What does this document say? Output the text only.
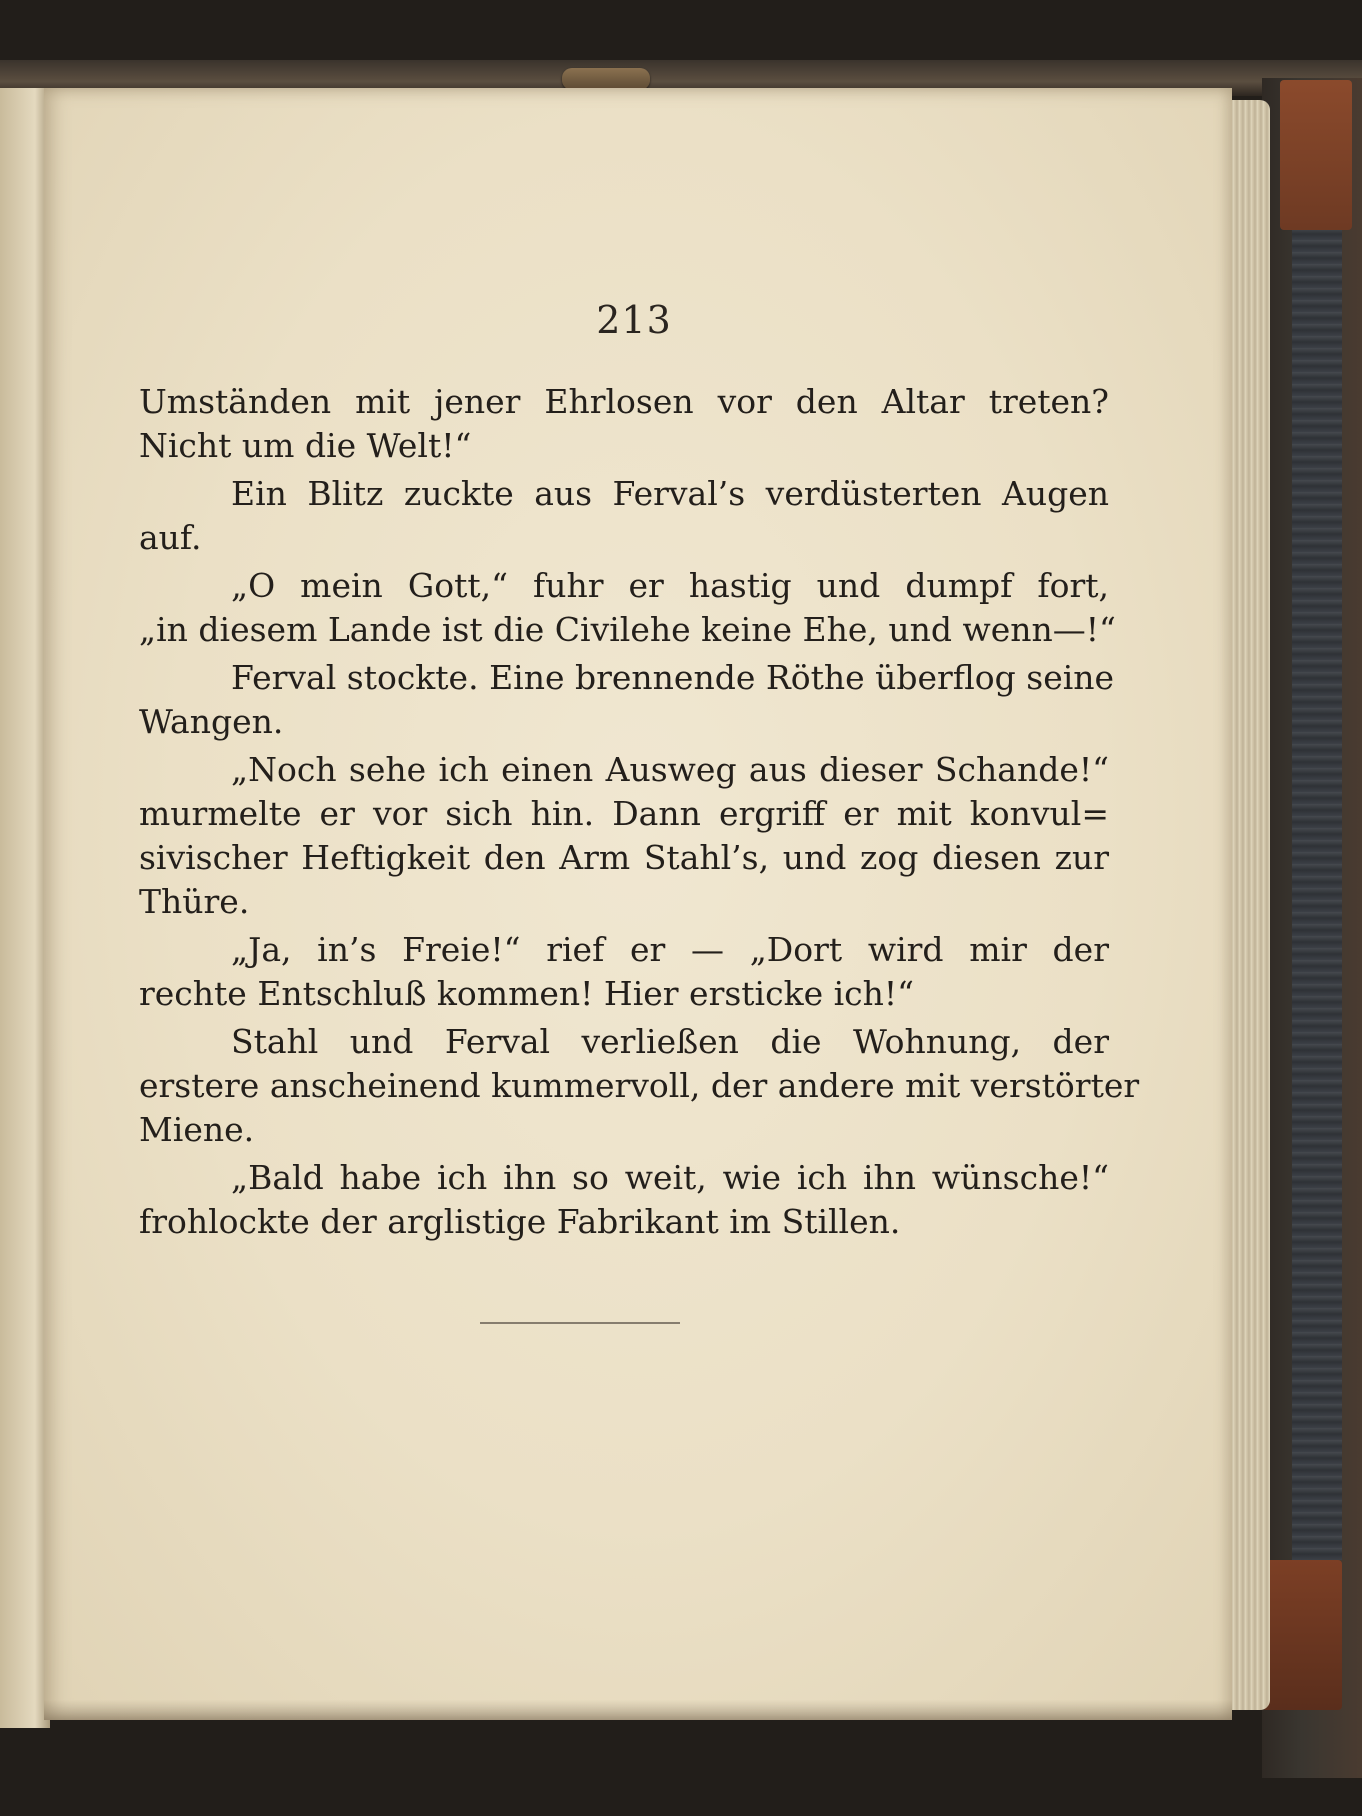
213
Umständen mit jener Ehrlosen vor den Altar treten?
Nicht um die Welt!“
Ein Blitz zuckte aus Ferval’s verdüsterten Augen
auf.
„O mein Gott,“ fuhr er hastig und dumpf fort,
„in diesem Lande ist die Civilehe keine Ehe, und wenn—!“
Ferval stockte. Eine brennende Röthe überflog seine
Wangen.
„Noch sehe ich einen Ausweg aus dieser Schande!“
murmelte er vor sich hin. Dann ergriff er mit konvul=
sivischer Heftigkeit den Arm Stahl’s, und zog diesen zur
Thüre.
„Ja, in’s Freie!“ rief er — „Dort wird mir der
rechte Entschluß kommen! Hier ersticke ich!“
Stahl und Ferval verließen die Wohnung, der
erstere anscheinend kummervoll, der andere mit verstörter
Miene.
„Bald habe ich ihn so weit, wie ich ihn wünsche!“
frohlockte der arglistige Fabrikant im Stillen.
